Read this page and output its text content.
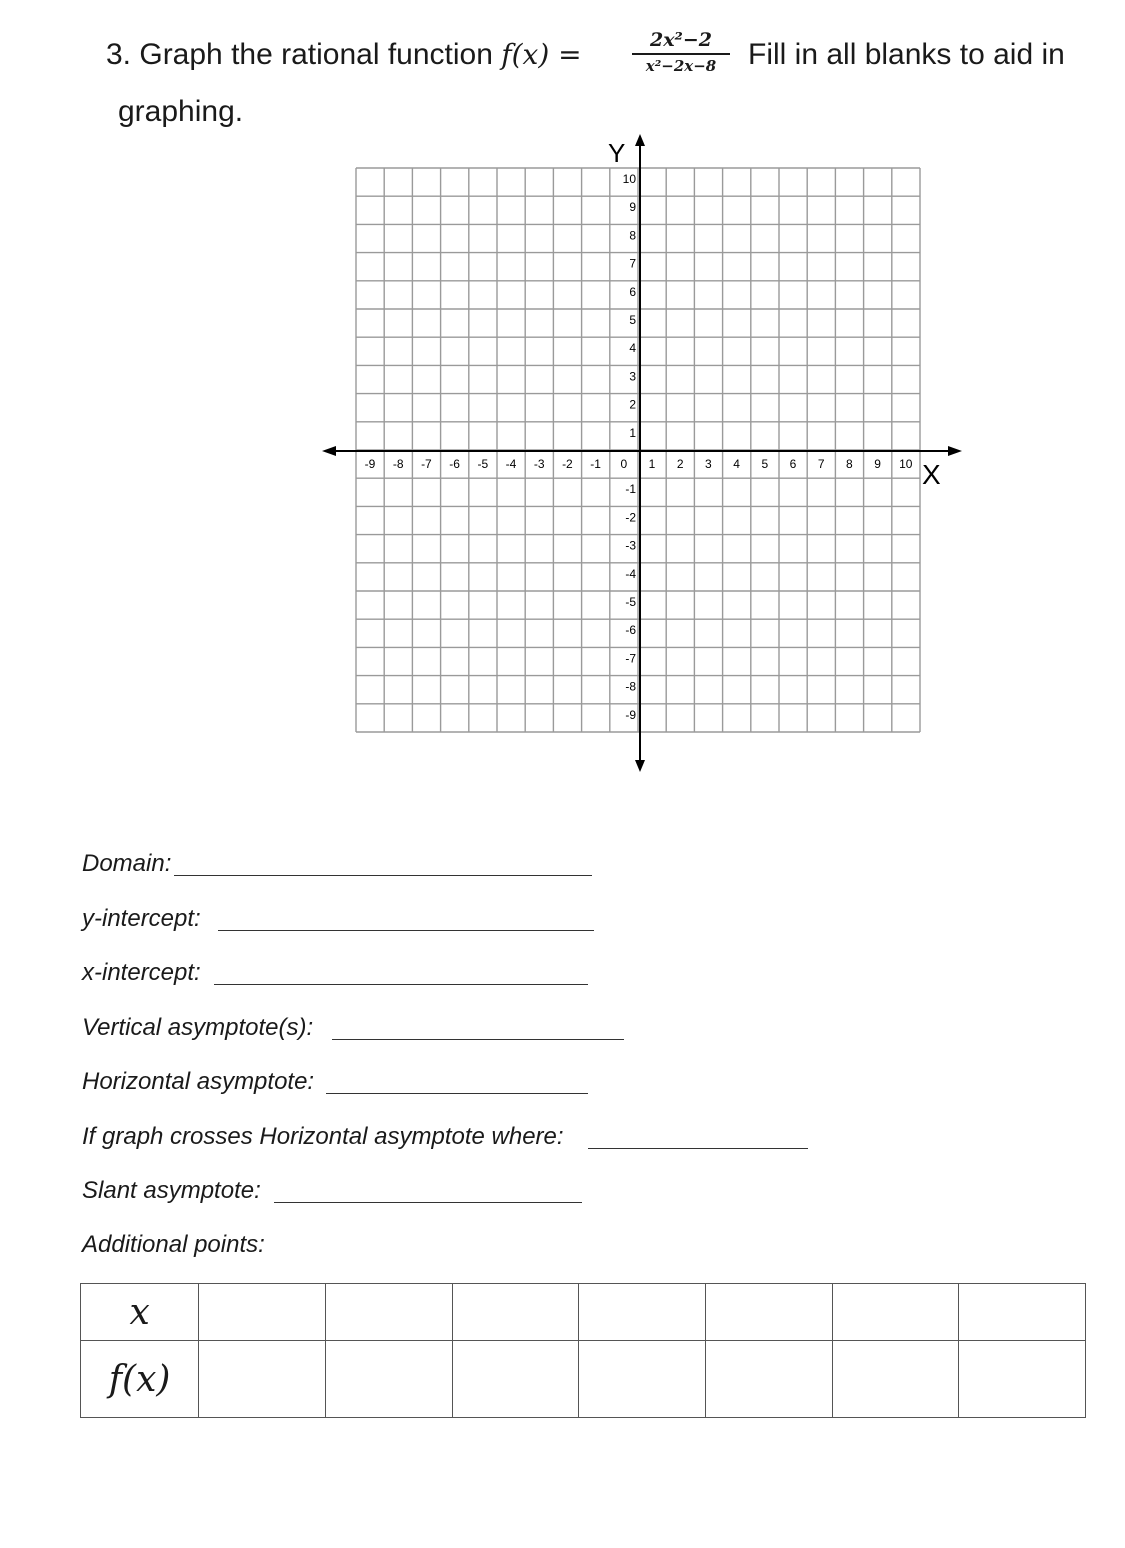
3. Graph the rational function f(x) =	2x²−2
x²−2x−8	Fill in all blanks to aid in
graphing.
Y
X
-9 -8 -7 -6 -5 -4 -3 -2 -1 0 1 2 3 4 5 6 7 8 9 10
10
9
8
7
6
5
4
3
2
1
-1
-2
-3
-4
-5
-6
-7
-8
-9
Domain:
y-intercept:
x-intercept:
Vertical asymptote(s):
Horizontal asymptote:
If graph crosses Horizontal asymptote where:
Slant asymptote:
Additional points:
x							
f(x)							
